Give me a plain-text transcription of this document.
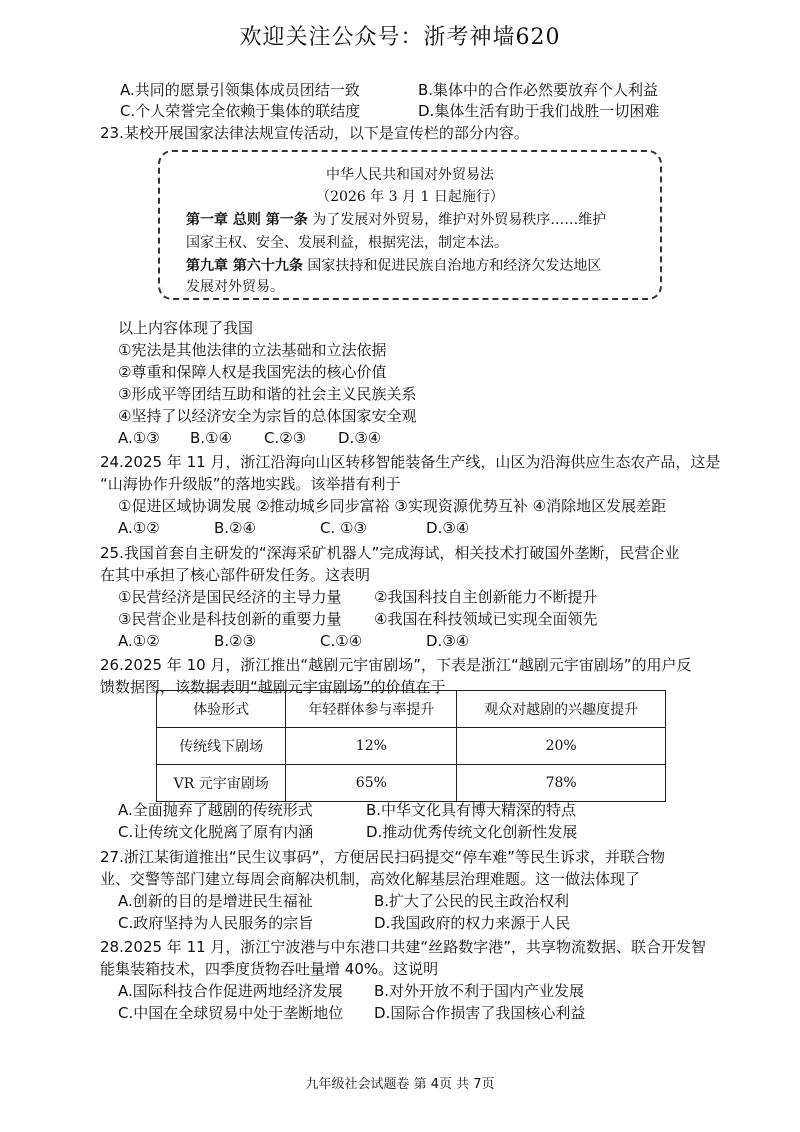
欢迎关注公众号：浙考神墙620
A.共同的愿景引领集体成员团结一致	B.集体中的合作必然要放弃个人利益
C.个人荣誉完全依赖于集体的联结度	D.集体生活有助于我们战胜一切困难
23.某校开展国家法律法规宣传活动，以下是宣传栏的部分内容。
中华人民共和国对外贸易法
（2026 年 3 月 1 日起施行）
第一章 总则 第一条 为了发展对外贸易，维护对外贸易秩序……维护
国家主权、安全、发展利益，根据宪法，制定本法。
第九章 第六十九条 国家扶持和促进民族自治地方和经济欠发达地区
发展对外贸易。
以上内容体现了我国
①宪法是其他法律的立法基础和立法依据
②尊重和保障人权是我国宪法的核心价值
③形成平等团结互助和谐的社会主义民族关系
④坚持了以经济安全为宗旨的总体国家安全观
A.①③ B.①④ C.②③ D.③④
24.2025 年 11 月，浙江沿海向山区转移智能装备生产线，山区为沿海供应生态农产品，这是
“山海协作升级版”的落地实践。该举措有利于
①促进区域协调发展 ②推动城乡同步富裕 ③实现资源优势互补 ④消除地区发展差距
A.①②	B.②④	C. ①③	D.③④
25.我国首套自主研发的“深海采矿机器人”完成海试，相关技术打破国外垄断，民营企业
在其中承担了核心部件研发任务。这表明
①民营经济是国民经济的主导力量 ②我国科技自主创新能力不断提升
③民营企业是科技创新的重要力量 ④我国在科技领域已实现全面领先
A.①②	B.②③	C.①④	D.③④
26.2025 年 10 月，浙江推出“越剧元宇宙剧场”，下表是浙江“越剧元宇宙剧场”的用户反
馈数据图，该数据表明“越剧元宇宙剧场”的价值在于
体验形式	年轻群体参与率提升	观众对越剧的兴趣度提升
传统线下剧场	12%	20%
VR 元宇宙剧场	65%	78%
A.全面抛弃了越剧的传统形式	B.中华文化具有博大精深的特点
C.让传统文化脱离了原有内涵	D.推动优秀传统文化创新性发展
27.浙江某街道推出“民生议事码”，方便居民扫码提交“停车难”等民生诉求，并联合物
业、交警等部门建立每周会商解决机制，高效化解基层治理难题。这一做法体现了
A.创新的目的是增进民生福祉	B.扩大了公民的民主政治权利
C.政府坚持为人民服务的宗旨	D.我国政府的权力来源于人民
28.2025 年 11 月，浙江宁波港与中东港口共建“丝路数字港”，共享物流数据、联合开发智
能集装箱技术，四季度货物吞吐量增 40%。这说明
A.国际科技合作促进两地经济发展 B.对外开放不利于国内产业发展
C.中国在全球贸易中处于垄断地位 D.国际合作损害了我国核心利益
九年级社会试题卷 第 4页 共 7页
